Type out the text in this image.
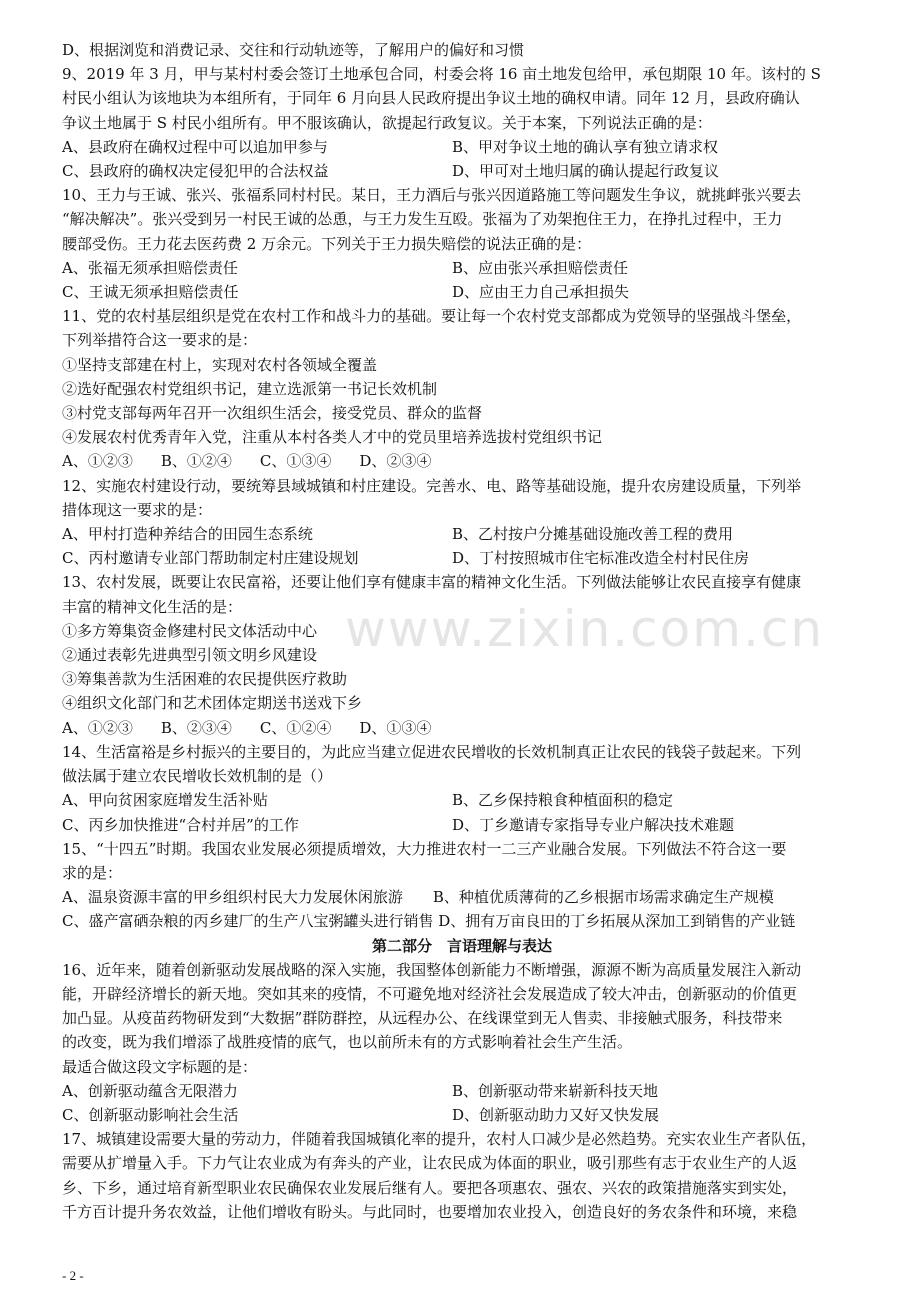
D、根据浏览和消费记录、交往和行动轨迹等，了解用户的偏好和习惯

9、2019 年 3 月，甲与某村村委会签订土地承包合同，村委会将 16 亩土地发包给甲，承包期限 10 年。该村的 S

村民小组认为该地块为本组所有，于同年 6 月向县人民政府提出争议土地的确权申请。同年 12 月，县政府确认

争议土地属于 S 村民小组所有。甲不服该确认，欲提起行政复议。关于本案，下列说法正确的是：

A、县政府在确权过程中可以追加甲参与	B、甲对争议土地的确认享有独立请求权
C、县政府的确权决定侵犯甲的合法权益	D、甲可对土地归属的确认提起行政复议

10、王力与王诚、张兴、张福系同村村民。某日，王力酒后与张兴因道路施工等问题发生争议，就挑衅张兴要去

“解决解决”。张兴受到另一村民王诚的怂恿，与王力发生互殴。张福为了劝架抱住王力，在挣扎过程中，王力

腰部受伤。王力花去医药费 2 万余元。下列关于王力损失赔偿的说法正确的是：

A、张福无须承担赔偿责任	B、应由张兴承担赔偿责任
C、王诚无须承担赔偿责任	D、应由王力自己承担损失

11、党的农村基层组织是党在农村工作和战斗力的基础。要让每一个农村党支部都成为党领导的坚强战斗堡垒，

下列举措符合这一要求的是：

①坚持支部建在村上，实现对农村各领域全覆盖

②选好配强农村党组织书记，建立选派第一书记长效机制

③村党支部每两年召开一次组织生活会，接受党员、群众的监督

④发展农村优秀青年入党，注重从本村各类人才中的党员里培养选拔村党组织书记

A、①②③ B、①②④ C、①③④ D、②③④

12、实施农村建设行动，要统筹县域城镇和村庄建设。完善水、电、路等基础设施，提升农房建设质量，下列举

措体现这一要求的是：

A、甲村打造种养结合的田园生态系统	B、乙村按户分摊基础设施改善工程的费用
C、丙村邀请专业部门帮助制定村庄建设规划	D、丁村按照城市住宅标准改造全村村民住房

13、农村发展，既要让农民富裕，还要让他们享有健康丰富的精神文化生活。下列做法能够让农民直接享有健康

丰富的精神文化生活的是：

①多方筹集资金修建村民文体活动中心

②通过表彰先进典型引领文明乡风建设

③筹集善款为生活困难的农民提供医疗救助

④组织文化部门和艺术团体定期送书送戏下乡

A、①②③ B、②③④ C、①②④ D、①③④

14、生活富裕是乡村振兴的主要目的，为此应当建立促进农民增收的长效机制真正让农民的钱袋子鼓起来。下列

做法属于建立农民增收长效机制的是（）

A、甲向贫困家庭增发生活补贴	B、乙乡保持粮食种植面积的稳定
C、丙乡加快推进“合村并居”的工作	D、丁乡邀请专家指导专业户解决技术难题

15、“十四五”时期。我国农业发展必须提质增效，大力推进农村一二三产业融合发展。下列做法不符合这一要

求的是：

A、温泉资源丰富的甲乡组织村民大力发展休闲旅游　　B、种植优质薄荷的乙乡根据市场需求确定生产规模

C、盛产富硒杂粮的丙乡建厂的生产八宝粥罐头进行销售 D、拥有万亩良田的丁乡拓展从深加工到销售的产业链

第二部分　言语理解与表达

16、近年来，随着创新驱动发展战略的深入实施，我国整体创新能力不断增强，源源不断为高质量发展注入新动

能，开辟经济增长的新天地。突如其来的疫情，不可避免地对经济社会发展造成了较大冲击，创新驱动的价值更

加凸显。从疫苗药物研发到“大数据”群防群控，从远程办公、在线课堂到无人售卖、非接触式服务，科技带来

的改变，既为我们增添了战胜疫情的底气，也以前所未有的方式影响着社会生产生活。

最适合做这段文字标题的是：

A、创新驱动蕴含无限潜力	B、创新驱动带来崭新科技天地
C、创新驱动影响社会生活	D、创新驱动助力又好又快发展

17、城镇建设需要大量的劳动力，伴随着我国城镇化率的提升，农村人口减少是必然趋势。充实农业生产者队伍，

需要从扩增量入手。下力气让农业成为有奔头的产业，让农民成为体面的职业，吸引那些有志于农业生产的人返

乡、下乡，通过培育新型职业农民确保农业发展后继有人。要把各项惠农、强农、兴农的政策措施落实到实处，

千方百计提升务农效益，让他们增收有盼头。与此同时，也要增加农业投入，创造良好的务农条件和环境，来稳

www.zixin.com.cn
- 2 -
